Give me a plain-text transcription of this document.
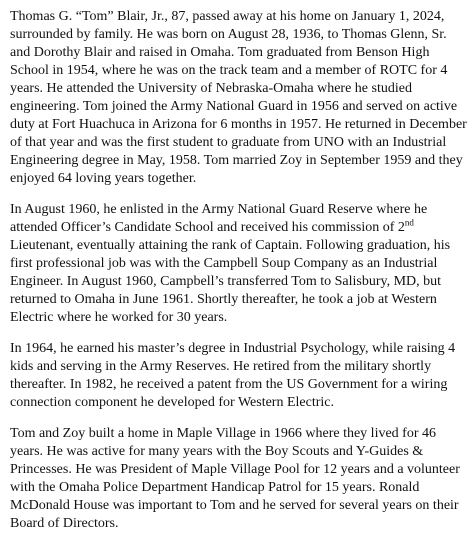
Thomas G. “Tom” Blair, Jr., 87, passed away at his home on January 1, 2024, surrounded by family. He was born on August 28, 1936, to Thomas Glenn, Sr. and Dorothy Blair and raised in Omaha. Tom graduated from Benson High School in 1954, where he was on the track team and a member of ROTC for 4 years. He attended the University of Nebraska-Omaha where he studied engineering. Tom joined the Army National Guard in 1956 and served on active duty at Fort Huachuca in Arizona for 6 months in 1957. He returned in December of that year and was the first student to graduate from UNO with an Industrial Engineering degree in May, 1958. Tom married Zoy in September 1959 and they enjoyed 64 loving years together.

In August 1960, he enlisted in the Army National Guard Reserve where he attended Officer’s Candidate School and received his commission of 2nd Lieutenant, eventually attaining the rank of Captain. Following graduation, his first professional job was with the Campbell Soup Company as an Industrial Engineer. In August 1960, Campbell’s transferred Tom to Salisbury, MD, but returned to Omaha in June 1961. Shortly thereafter, he took a job at Western Electric where he worked for 30 years.

In 1964, he earned his master’s degree in Industrial Psychology, while raising 4 kids and serving in the Army Reserves. He retired from the military shortly thereafter. In 1982, he received a patent from the US Government for a wiring connection component he developed for Western Electric.

Tom and Zoy built a home in Maple Village in 1966 where they lived for 46 years. He was active for many years with the Boy Scouts and Y-Guides & Princesses. He was President of Maple Village Pool for 12 years and a volunteer with the Omaha Police Department Handicap Patrol for 15 years. Ronald McDonald House was important to Tom and he served for several years on their Board of Directors.
